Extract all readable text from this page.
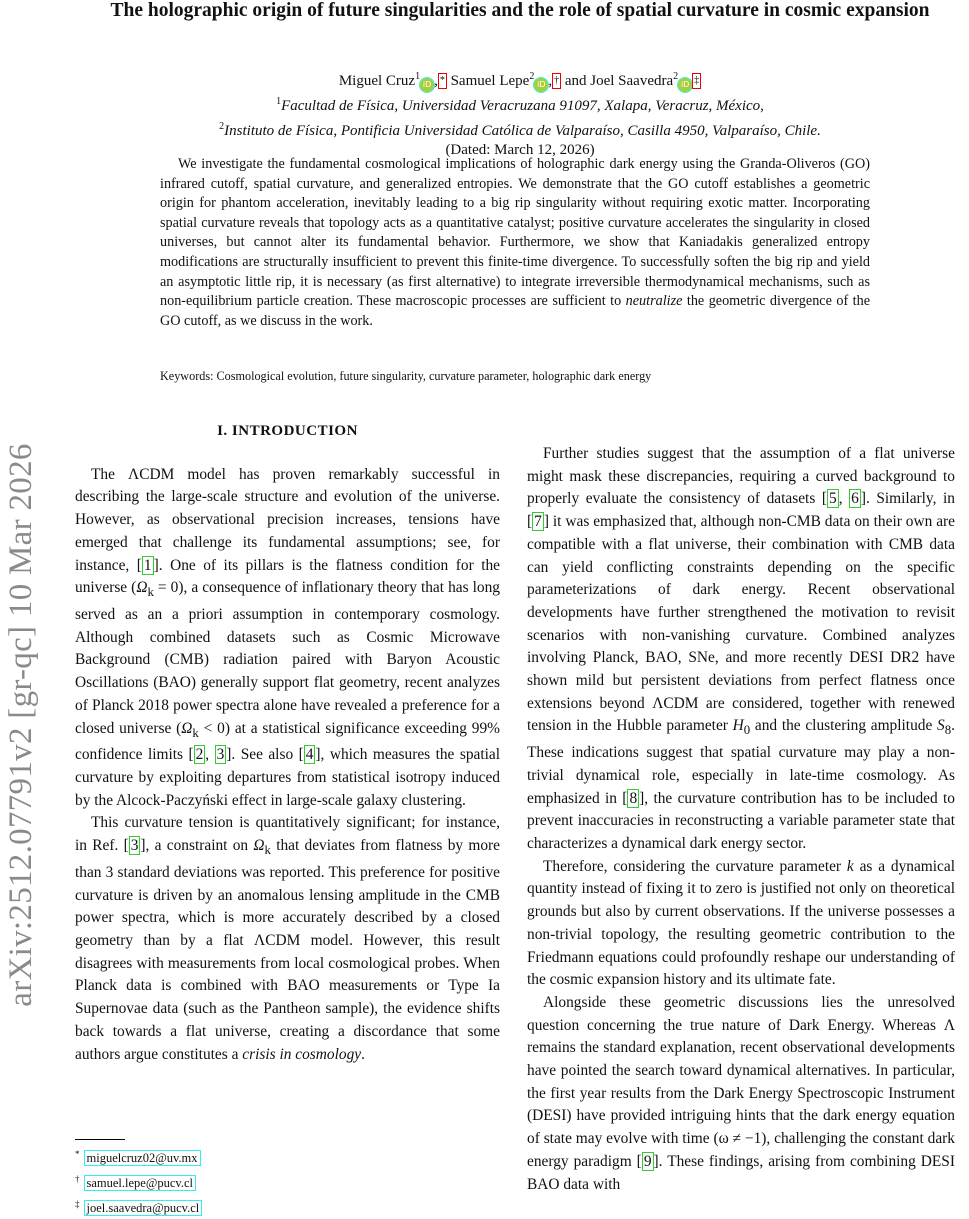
arXiv:2512.07791v2 [gr-qc] 10 Mar 2026
The holographic origin of future singularities and the role of spatial curvature in cosmic expansion
Miguel Cruz$^1$iD , * Samuel Lepe$^2$iD , † and Joel Saavedra$^2$iD ‡
$^1$Facultad de Física, Universidad Veracruzana 91097, Xalapa, Veracruz, México,
$^2$Instituto de Física, Pontificia Universidad Católica de Valparaíso, Casilla 4950, Valparaíso, Chile.
(Dated: March 12, 2026)
We investigate the fundamental cosmological implications of holographic dark energy using the Granda-Oliveros (GO) infrared cutoff, spatial curvature, and generalized entropies. We demonstrate that the GO cutoff establishes a geometric origin for phantom acceleration, inevitably leading to a big rip singularity without requiring exotic matter. Incorporating spatial curvature reveals that topology acts as a quantitative catalyst; positive curvature accelerates the singularity in closed universes, but cannot alter its fundamental behavior. Furthermore, we show that Kaniadakis generalized entropy modifications are structurally insufficient to prevent this finite-time divergence. To successfully soften the big rip and yield an asymptotic little rip, it is necessary (as first alternative) to integrate irreversible thermodynamical mechanisms, such as non-equilibrium particle creation. These macroscopic processes are sufficient to neutralize the geometric divergence of the GO cutoff, as we discuss in the work.
Keywords: Cosmological evolution, future singularity, curvature parameter, holographic dark energy
I. INTRODUCTION

The ΛCDM model has proven remarkably successful in describing the large-scale structure and evolution of the universe. However, as observational precision increases, tensions have emerged that challenge its fundamental assumptions; see, for instance, [ 1 ]. One of its pillars is the flatness condition for the universe $(\Omega_k = 0)$, a consequence of inflationary theory that has long served as an a priori assumption in contemporary cosmology. Although combined datasets such as Cosmic Microwave Background (CMB) radiation paired with Baryon Acoustic Oscillations (BAO) generally support flat geometry, recent analyzes of Planck 2018 power spectra alone have revealed a preference for a closed universe $(\Omega_k < 0)$ at a statistical significance exceeding 99% confidence limits [ 2 , 3 ]. See also [ 4 ], which measures the spatial curvature by exploiting departures from statistical isotropy induced by the Alcock-Paczyński effect in large-scale galaxy clustering.

This curvature tension is quantitatively significant; for instance, in Ref. [ 3 ], a constraint on $\Omega_k$ that deviates from flatness by more than 3 standard deviations was reported. This preference for positive curvature is driven by an anomalous lensing amplitude in the CMB power spectra, which is more accurately described by a closed geometry than by a flat ΛCDM model. However, this result disagrees with measurements from local cosmological probes. When Planck data is combined with BAO measurements or Type Ia Supernovae data (such as the Pantheon sample), the evidence shifts back towards a flat universe, creating a discordance that some authors argue constitutes a crisis in cosmology.

Further studies suggest that the assumption of a flat universe might mask these discrepancies, requiring a curved background to properly evaluate the consistency of datasets [ 5 , 6 ]. Similarly, in [ 7 ] it was emphasized that, although non-CMB data on their own are compatible with a flat universe, their combination with CMB data can yield conflicting constraints depending on the specific parameterizations of dark energy. Recent observational developments have further strengthened the motivation to revisit scenarios with non-vanishing curvature. Combined analyzes involving Planck, BAO, SNe, and more recently DESI DR2 have shown mild but persistent deviations from perfect flatness once extensions beyond ΛCDM are considered, together with renewed tension in the Hubble parameter $H_0$ and the clustering amplitude $S_8$. These indications suggest that spatial curvature may play a non-trivial dynamical role, especially in late-time cosmology. As emphasized in [ 8 ], the curvature contribution has to be included to prevent inaccuracies in reconstructing a variable parameter state that characterizes a dynamical dark energy sector.

Therefore, considering the curvature parameter k as a dynamical quantity instead of fixing it to zero is justified not only on theoretical grounds but also by current observations. If the universe possesses a non-trivial topology, the resulting geometric contribution to the Friedmann equations could profoundly reshape our understanding of the cosmic expansion history and its ultimate fate.

Alongside these geometric discussions lies the unresolved question concerning the true nature of Dark Energy. Whereas Λ remains the standard explanation, recent observational developments have pointed the search toward dynamical alternatives. In particular, the first year results from the Dark Energy Spectroscopic Instrument (DESI) have provided intriguing hints that the dark energy equation of state may evolve with time (ω ≠ −1), challenging the constant dark energy paradigm [ 9 ]. These findings, arising from combining DESI BAO data with

* miguelcruz02@uv.mx
† samuel.lepe@pucv.cl
‡ joel.saavedra@pucv.cl
